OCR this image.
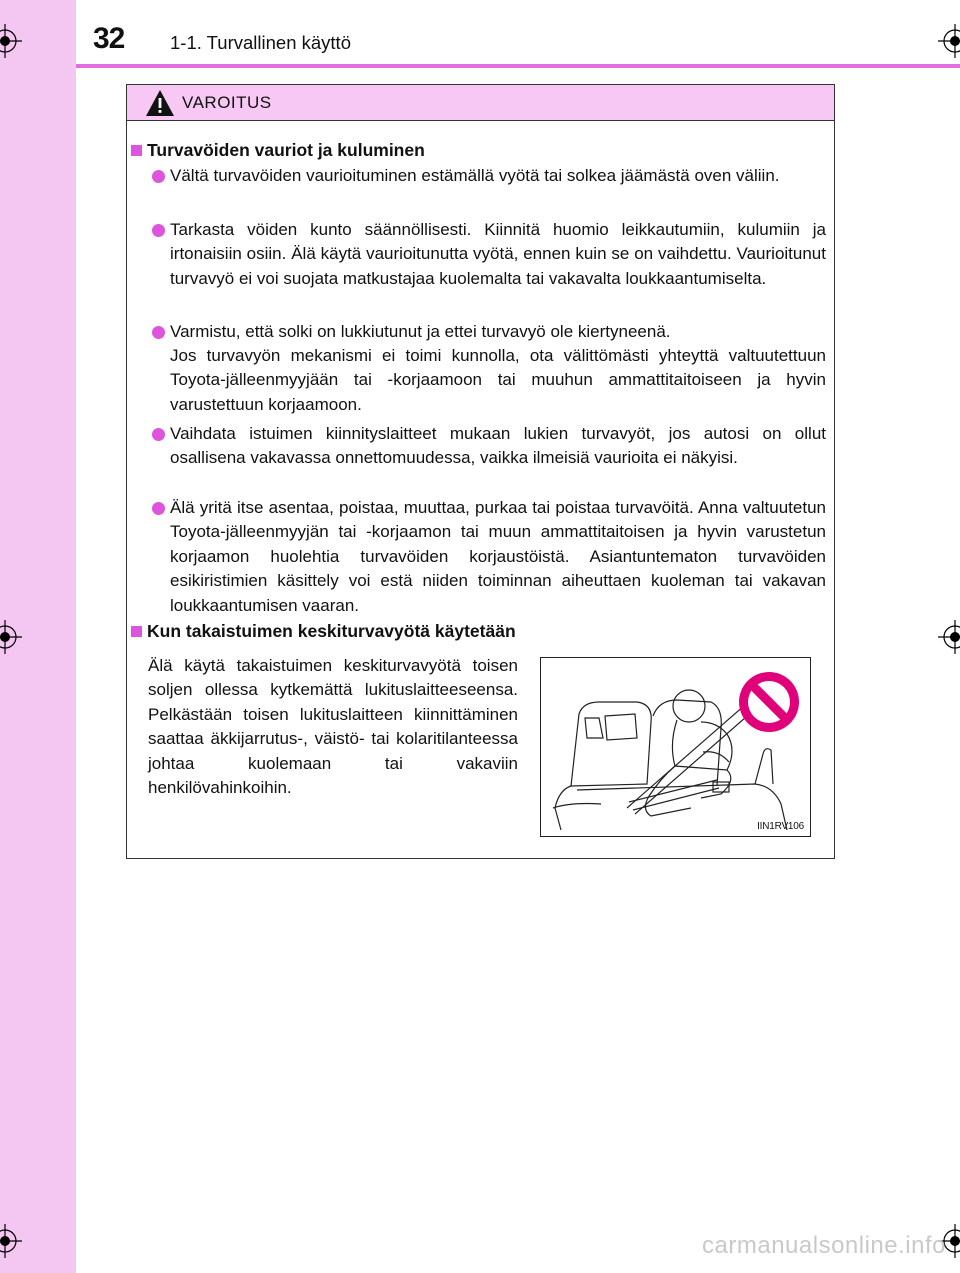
32 1-1. Turvallinen käyttö
VAROITUS
Turvavöiden vauriot ja kuluminen
Vältä turvavöiden vaurioituminen estämällä vyötä tai solkea jäämästä oven väliin.
Tarkasta vöiden kunto säännöllisesti. Kiinnitä huomio leikkautumiin, kulumiin ja irtonaisiin osiin. Älä käytä vaurioitunutta vyötä, ennen kuin se on vaihdettu. Vaurioitunut turvavyö ei voi suojata matkustajaa kuolemalta tai vakavalta loukkaantumiselta.
Varmistu, että solki on lukkiutunut ja ettei turvavyö ole kiertyneenä.
Jos turvavyön mekanismi ei toimi kunnolla, ota välittömästi yhteyttä valtuutettuun Toyota-jälleenmyyjään tai -korjaamoon tai muuhun ammattitaitoiseen ja hyvin varustettuun korjaamoon.
Vaihdata istuimen kiinnityslaitteet mukaan lukien turvavyöt, jos autosi on ollut osallisena vakavassa onnettomuudessa, vaikka ilmeisiä vaurioita ei näkyisi.
Älä yritä itse asentaa, poistaa, muuttaa, purkaa tai poistaa turvavöitä. Anna valtuutetun Toyota-jälleenmyyjän tai -korjaamon tai muun ammattitaitoisen ja hyvin varustetun korjaamon huolehtia turvavöiden korjaustöistä. Asiantuntematon turvavöiden esikiristimien käsittely voi estä niiden toiminnan aiheuttaen kuoleman tai vakavan loukkaantumisen vaaran.
Kun takaistuimen keskiturvavyötä käytetään
Älä käytä takaistuimen keskiturvavyötä toisen soljen ollessa kytkemättä lukituslaitteeseensa. Pelkästään toisen lukituslaitteen kiinnittäminen saattaa äkkijarrutus-, väistö- tai kolaritilanteessa johtaa kuolemaan tai vakaviin henkilövahinkoihin.
IIN1RV106
carmanualsonline.info
